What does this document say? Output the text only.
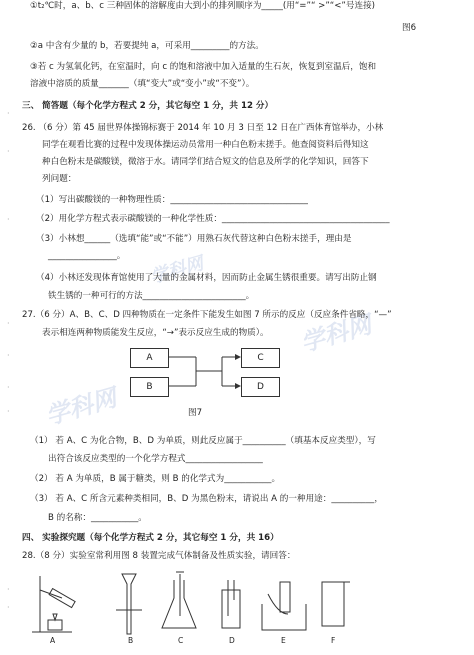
·
·
·
·
·
·
·
·
·
学科网
学科网
学科网
①t₂℃时，a、b、c 三种固体的溶解度由大到小的排列顺序为_____(用“=”“ >”“<”号连接)
图6
②a 中含有少量的 b，若要提纯 a，可采用_________的方法。
③若 c 为氢氧化钙，在室温时，向 c 的饱和溶液中加入适量的生石灰，恢复到室温后，饱和
溶液中溶质的质量_______（填“变大”或“变小”或“不变”）。
三、 简答题（每个化学方程式 2 分，其它每空 1 分，共 12 分）
26. （6 分）第 45 届世界体操锦标赛于 2014 年 10 月 3 日至 12 日在广西体育馆举办，小林
同学在观看比赛的过程中发现体操运动员常用一种白色粉末搓手。他查阅资料后得知这
种白色粉末是碳酸镁，微溶于水。请同学们结合短文的信息及所学的化学知识，回答下
列问题：
（1）写出碳酸镁的一种物理性质：________________________________
（2）用化学方程式表示碳酸镁的一种化学性质：_______________________________________
（3）小林想______（选填“能”或“不能”）用熟石灰代替这种白色粉末搓手，理由是
________________。
（4）小林还发现体育馆使用了大量的金属材料，因而防止金属生锈很重要。请写出防止钢
铁生锈的一种可行的方法________________________。
27.（6 分）A、B、C、D 四种物质在一定条件下能发生如图 7 所示的反应（反应条件省略，“—”
表示相连两种物质能发生反应，“→”表示反应生成的物质）。
A
B
C
D
图7
（1） 若 A、C 为化合物，B、D 为单质，则此反应属于__________（填基本反应类型），写
出符合该反应类型的一个化学方程式__________________
（2） 若 A 为单质，B 属于糖类，则 B 的化学式为___________。
（3） 若 A、C 所含元素种类相同，B、D 为黑色粉末，请说出 A 的一种用途：__________，
B 的名称：___________。
四、 实验探究题（每个化学方程式 2 分，其它每空 1 分，共 16）
28.（8 分）实验室常利用图 8 装置完成气体制备及性质实验，请回答：
A	B	C	D	E	F
